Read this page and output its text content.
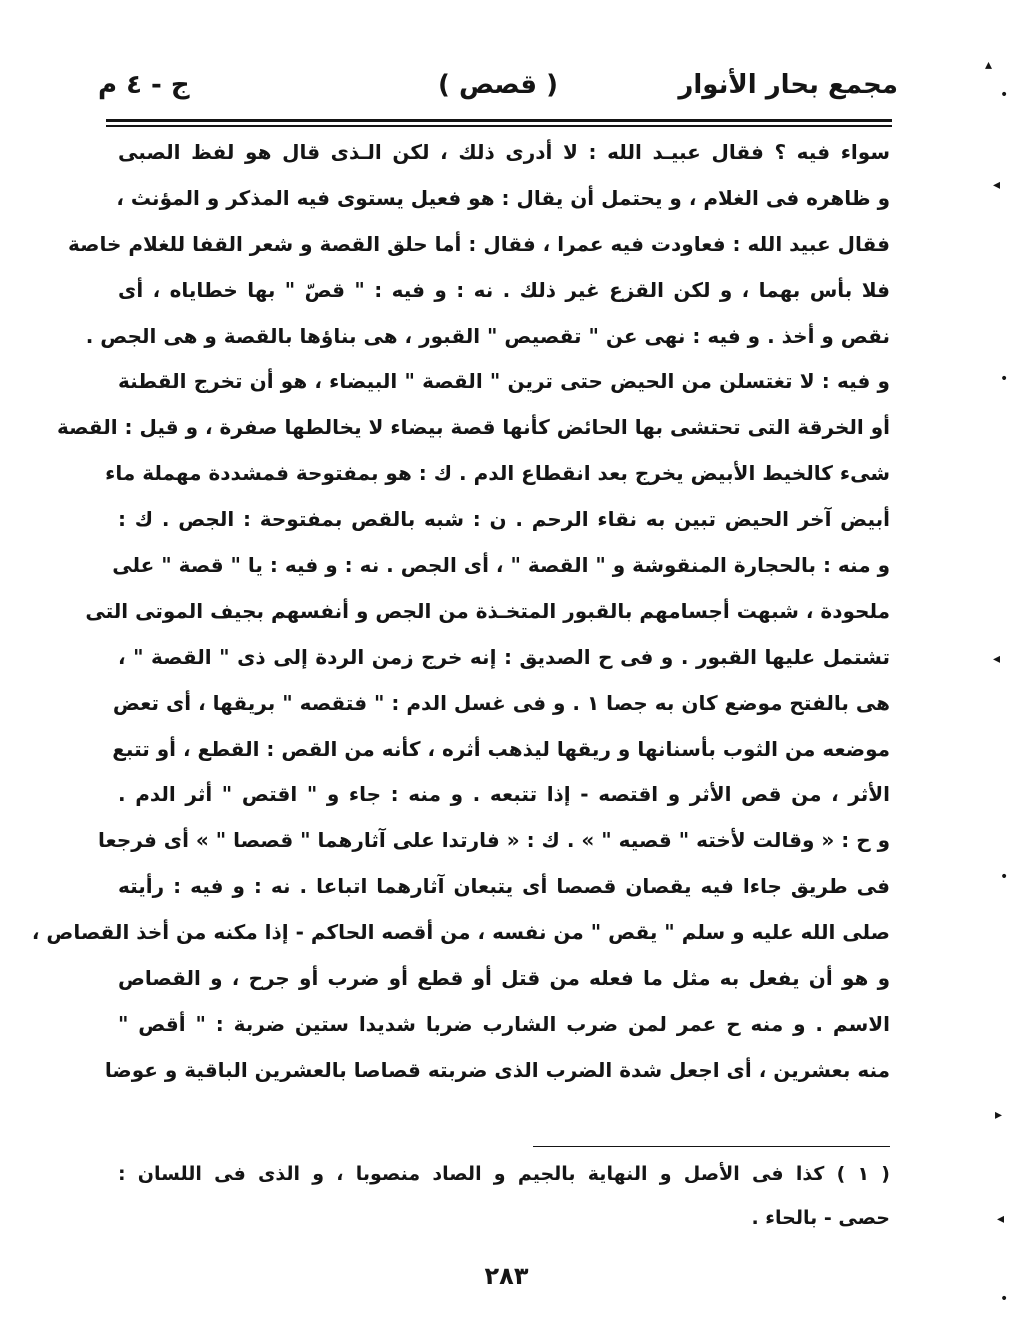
مجمع بحار الأنوار
( قصص )
ج - ٤ م
سواء فيه ؟ فقال عبيـد الله : لا أدرى ذلك ، لكن الـذى قال هو لفظ الصبى
و ظاهره فى الغلام ، و يحتمل أن يقال : هو فعيل يستوى فيه المذكر و المؤنث ،
فقال عبيد الله : فعاودت فيه عمرا ، فقال : أما حلق القصة و شعر القفا للغلام خاصة
فلا بأس بهما ، و لكن القزع غير ذلك . نه : و فيه : " قصّ " بها خطاياه ، أى
نقص و أخذ . و فيه : نهى عن " تقصيص " القبور ، هى بناؤها بالقصة و هى الجص .
و فيه : لا تغتسلن من الحيض حتى ترين " القصة " البيضاء ، هو أن تخرج القطنة
أو الخرقة التى تحتشى بها الحائض كأنها قصة بيضاء لا يخالطها صفرة ، و قيل : القصة
شىء كالخيط الأبيض يخرج بعد انقطاع الدم . ك : هو بمفتوحة فمشددة مهملة ماء
أبيض آخر الحيض تبين به نقاء الرحم . ن : شبه بالقص بمفتوحة : الجص . ك :
و منه : بالحجارة المنقوشة و " القصة " ، أى الجص . نه : و فيه : يا " قصة " على
ملحودة ، شبهت أجسامهم بالقبور المتخـذة من الجص و أنفسهم بجيف الموتى التى
تشتمل عليها القبور . و فى ح الصديق : إنه خرج زمن الردة إلى ذى " القصة " ،
هى بالفتح موضع كان به جصا ١ . و فى غسل الدم : " فتقصه " بريقها ، أى تعض
موضعه من الثوب بأسنانها و ريقها ليذهب أثره ، كأنه من القص : القطع ، أو تتبع
الأثر ، من قص الأثر و اقتصه - إذا تتبعه . و منه : جاء و " اقتص " أثر الدم .
و ح : « وقالت لأخته " قصيه " » . ك : « فارتدا على آثارهما " قصصا " » أى فرجعا
فى طريق جاءا فيه يقصان قصصا أى يتبعان آثارهما اتباعا . نه : و فيه : رأيته
صلى الله عليه و سلم " يقص " من نفسه ، من أقصه الحاكم - إذا مكنه من أخذ القصاص ،
و هو أن يفعل به مثل ما فعله من قتل أو قطع أو ضرب أو جرح ، و القصاص
الاسم . و منه ح عمر لمن ضرب الشارب ضربا شديدا ستين ضربة : " أقص "
منه بعشرين ، أى اجعل شدة الضرب الذى ضربته قصاصا بالعشرين الباقية و عوضا
( ١ ) كذا فى الأصل و النهاية بالجيم و الصاد منصوبا ، و الذى فى اللسان :
حصى - بالحاء .
٢٨٣
▴
•
◂
•
◂
•
▸
◂
•
